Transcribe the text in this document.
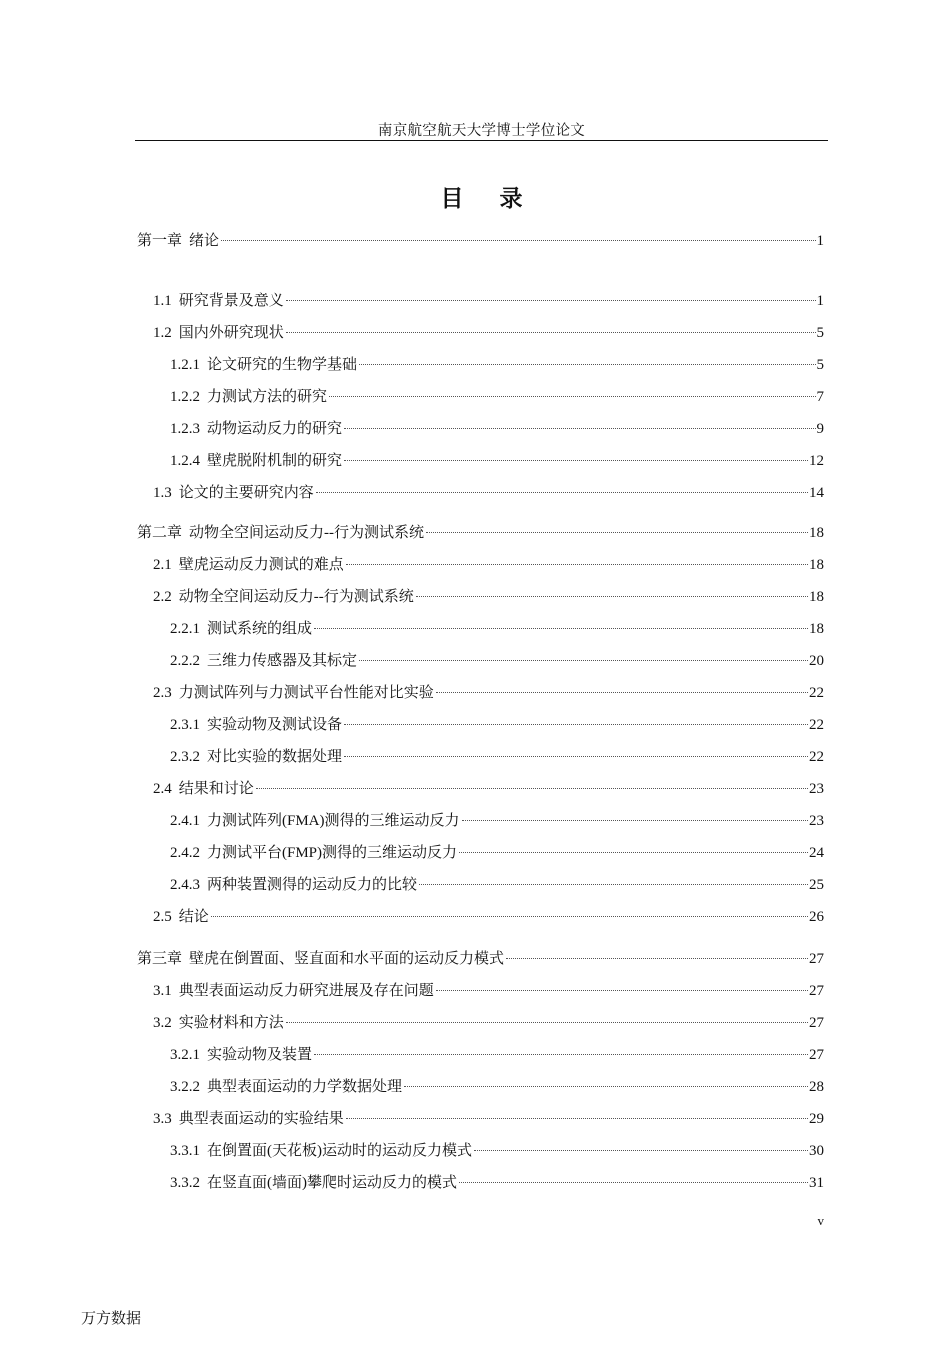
南京航空航天大学博士学位论文
目 录
第一章 绪论	1
1.1 研究背景及意义	1
1.2 国内外研究现状	5
1.2.1 论文研究的生物学基础	5
1.2.2 力测试方法的研究	7
1.2.3 动物运动反力的研究	9
1.2.4 壁虎脱附机制的研究	12
1.3 论文的主要研究内容	14
第二章 动物全空间运动反力--行为测试系统	18
2.1 壁虎运动反力测试的难点	18
2.2 动物全空间运动反力--行为测试系统	18
2.2.1 测试系统的组成	18
2.2.2 三维力传感器及其标定	20
2.3 力测试阵列与力测试平台性能对比实验	22
2.3.1 实验动物及测试设备	22
2.3.2 对比实验的数据处理	22
2.4 结果和讨论	23
2.4.1 力测试阵列(FMA)测得的三维运动反力	23
2.4.2 力测试平台(FMP)测得的三维运动反力	24
2.4.3 两种装置测得的运动反力的比较	25
2.5 结论	26
第三章 壁虎在倒置面、竖直面和水平面的运动反力模式	27
3.1 典型表面运动反力研究进展及存在问题	27
3.2 实验材料和方法	27
3.2.1 实验动物及装置	27
3.2.2 典型表面运动的力学数据处理	28
3.3 典型表面运动的实验结果	29
3.3.1 在倒置面(天花板)运动时的运动反力模式	30
3.3.2 在竖直面(墙面)攀爬时运动反力的模式	31
v
万方数据
